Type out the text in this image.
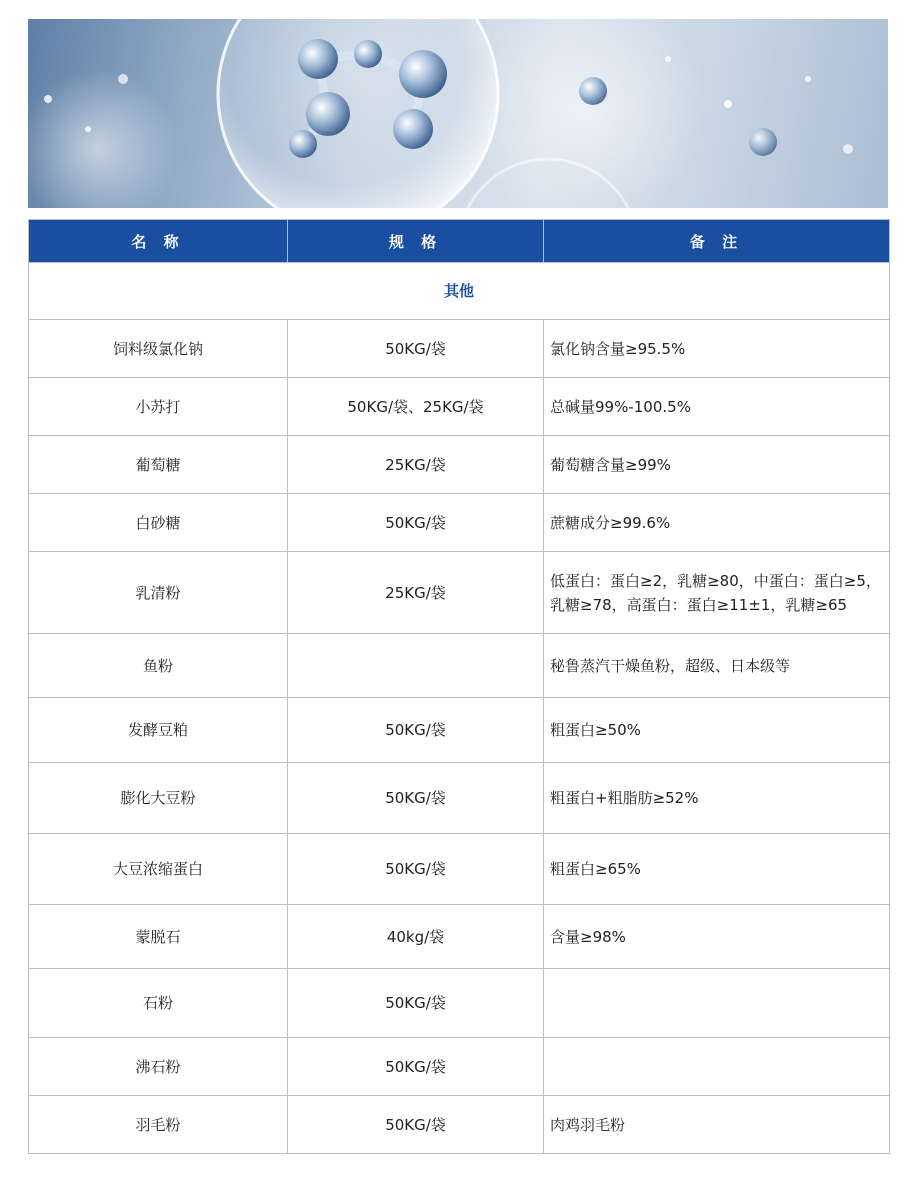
名 称	规 格	备 注
其他		
饲料级氯化钠	50KG/袋	氯化钠含量≥95.5%
小苏打	50KG/袋、25KG/袋	总碱量99%-100.5%
葡萄糖	25KG/袋	葡萄糖含量≥99%
白砂糖	50KG/袋	蔗糖成分≥99.6%
乳清粉	25KG/袋	低蛋白：蛋白≥2，乳糖≥80，中蛋白：蛋白≥5，乳糖≥78，高蛋白：蛋白≥11±1，乳糖≥65
鱼粉		秘鲁蒸汽干燥鱼粉，超级、日本级等
发酵豆粕	50KG/袋	粗蛋白≥50%
膨化大豆粉	50KG/袋	粗蛋白+粗脂肪≥52%
大豆浓缩蛋白	50KG/袋	粗蛋白≥65%
蒙脱石	40kg/袋	含量≥98%
石粉	50KG/袋	
沸石粉	50KG/袋	
羽毛粉	50KG/袋	肉鸡羽毛粉
